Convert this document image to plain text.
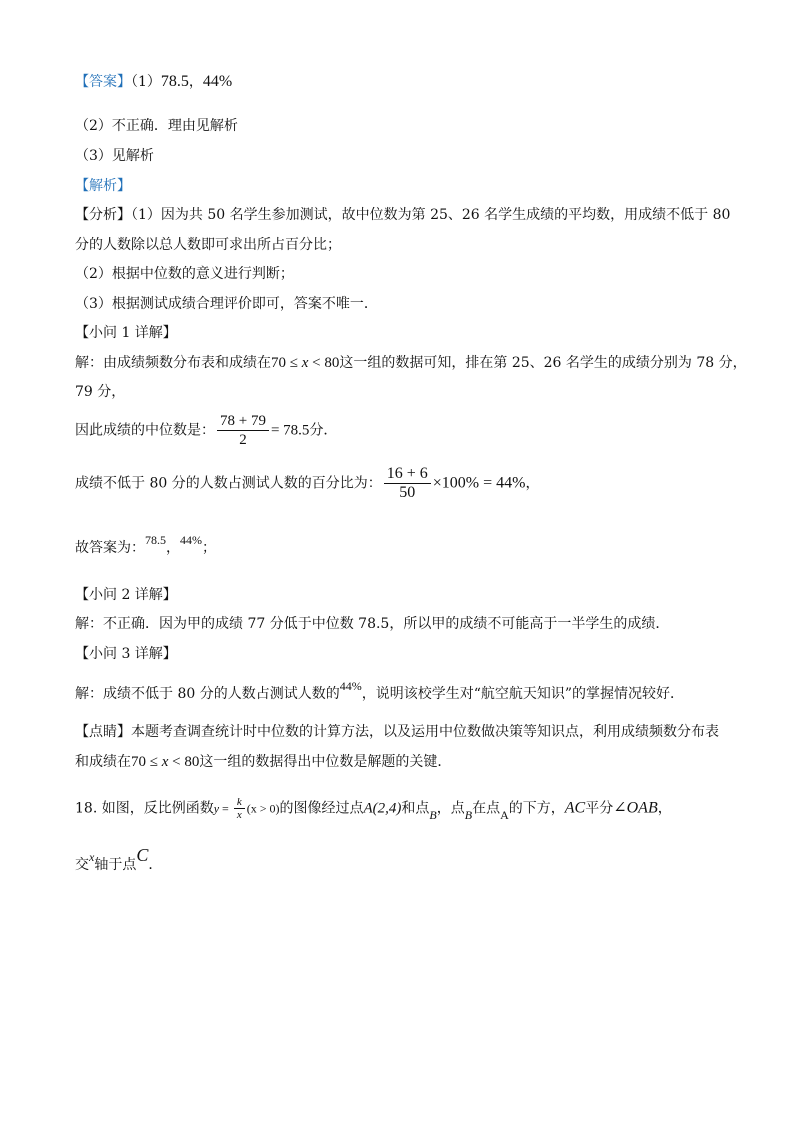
【答案】（1）78.5，44%
（2）不正确．理由见解析
（3）见解析
【解析】
【分析】（1）因为共 50 名学生参加测试，故中位数为第 25、26 名学生成绩的平均数，用成绩不低于 80
分的人数除以总人数即可求出所占百分比；
（2）根据中位数的意义进行判断；
（3）根据测试成绩合理评价即可，答案不唯一．
【小问 1 详解】
解：由成绩频数分布表和成绩在70 ≤ x < 80这一组的数据可知，排在第 25、26 名学生的成绩分别为 78 分，
79 分，
因此成绩的中位数是： $\frac{78 + 79}{2} = 78.5$分．
成绩不低于 80 分的人数占测试人数的百分比为： $\frac{16 + 6}{50} \times 100\% = 44\%$，
故答案为：78.5，44%；
【小问 2 详解】
解：不正确．因为甲的成绩 77 分低于中位数 78.5，所以甲的成绩不可能高于一半学生的成绩．
【小问 3 详解】
解：成绩不低于 80 分的人数占测试人数的44%，说明该校学生对“航空航天知识”的掌握情况较好．
【点睛】本题考查调查统计时中位数的计算方法，以及运用中位数做决策等知识点，利用成绩频数分布表
和成绩在70 ≤ x < 80这一组的数据得出中位数是解题的关键．
18. 如图，反比例函数$y = \frac{k}{x} (x > 0)$的图像经过点A(2,4)和点B，点B在点A的下方，AC平分∠OAB，
交x轴于点C．
